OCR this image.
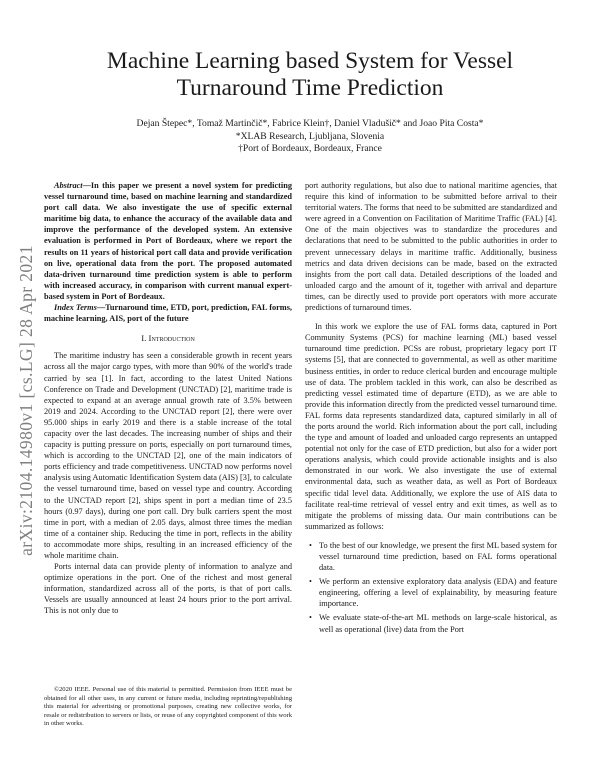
arXiv:2104.14980v1 [cs.LG] 28 Apr 2021
Machine Learning based System for Vessel Turnaround Time Prediction
Dejan Štepec*, Tomaž Martinčič*, Fabrice Klein†, Daniel Vladušič* and Joao Pita Costa*
*XLAB Research, Ljubljana, Slovenia
†Port of Bordeaux, Bordeaux, France

Abstract—In this paper we present a novel system for predicting vessel turnaround time, based on machine learning and standardized port call data. We also investigate the use of specific external maritime big data, to enhance the accuracy of the available data and improve the performance of the developed system. An extensive evaluation is performed in Port of Bordeaux, where we report the results on 11 years of historical port call data and provide verification on live, operational data from the port. The proposed automated data-driven turnaround time prediction system is able to perform with increased accuracy, in comparison with current manual expert-based system in Port of Bordeaux.

Index Terms—Turnaround time, ETD, port, prediction, FAL forms, machine learning, AIS, port of the future

I. Introduction

The maritime industry has seen a considerable growth in recent years across all the major cargo types, with more than 90% of the world's trade carried by sea [1]. In fact, according to the latest United Nations Conference on Trade and Development (UNCTAD) [2], maritime trade is expected to expand at an average annual growth rate of 3.5% between 2019 and 2024. According to the UNCTAD report [2], there were over 95.000 ships in early 2019 and there is a stable increase of the total capacity over the last decades. The increasing number of ships and their capacity is putting pressure on ports, especially on port turnaround times, which is according to the UNCTAD [2], one of the main indicators of ports efficiency and trade competitiveness. UNCTAD now performs novel analysis using Automatic Identification System data (AIS) [3], to calculate the vessel turnaround time, based on vessel type and country. According to the UNCTAD report [2], ships spent in port a median time of 23.5 hours (0.97 days), during one port call. Dry bulk carriers spent the most time in port, with a median of 2.05 days, almost three times the median time of a container ship. Reducing the time in port, reflects in the ability to accommodate more ships, resulting in an increased efficiency of the whole maritime chain.

Ports internal data can provide plenty of information to analyze and optimize operations in the port. One of the richest and most general information, standardized across all of the ports, is that of port calls. Vessels are usually announced at least 24 hours prior to the port arrival. This is not only due to

©2020 IEEE. Personal use of this material is permitted. Permission from IEEE must be obtained for all other uses, in any current or future media, including reprinting/republishing this material for advertising or promotional purposes, creating new collective works, for resale or redistribution to servers or lists, or reuse of any copyrighted component of this work in other works.

port authority regulations, but also due to national maritime agencies, that require this kind of information to be submitted before arrival to their territorial waters. The forms that need to be submitted are standardized and were agreed in a Convention on Facilitation of Maritime Traffic (FAL) [4]. One of the main objectives was to standardize the procedures and declarations that need to be submitted to the public authorities in order to prevent unnecessary delays in maritime traffic. Additionally, business metrics and data driven decisions can be made, based on the extracted insights from the port call data. Detailed descriptions of the loaded and unloaded cargo and the amount of it, together with arrival and departure times, can be directly used to provide port operators with more accurate predictions of turnaround times.

In this work we explore the use of FAL forms data, captured in Port Community Systems (PCS) for machine learning (ML) based vessel turnaround time prediction. PCSs are robust, proprietary legacy port IT systems [5], that are connected to governmental, as well as other maritime business entities, in order to reduce clerical burden and encourage multiple use of data. The problem tackled in this work, can also be described as predicting vessel estimated time of departure (ETD), as we are able to provide this information directly from the predicted vessel turnaround time. FAL forms data represents standardized data, captured similarly in all of the ports around the world. Rich information about the port call, including the type and amount of loaded and unloaded cargo represents an untapped potential not only for the case of ETD prediction, but also for a wider port operations analysis, which could provide actionable insights and is also demonstrated in our work. We also investigate the use of external environmental data, such as weather data, as well as Port of Bordeaux specific tidal level data. Additionally, we explore the use of AIS data to facilitate real-time retrieval of vessel entry and exit times, as well as to mitigate the problems of missing data. Our main contributions can be summarized as follows:

• To the best of our knowledge, we present the first ML based system for vessel turnaround time prediction, based on FAL forms operational data.
• We perform an extensive exploratory data analysis (EDA) and feature engineering, offering a level of explainability, by measuring feature importance.
• We evaluate state-of-the-art ML methods on large-scale historical, as well as operational (live) data from the Port
